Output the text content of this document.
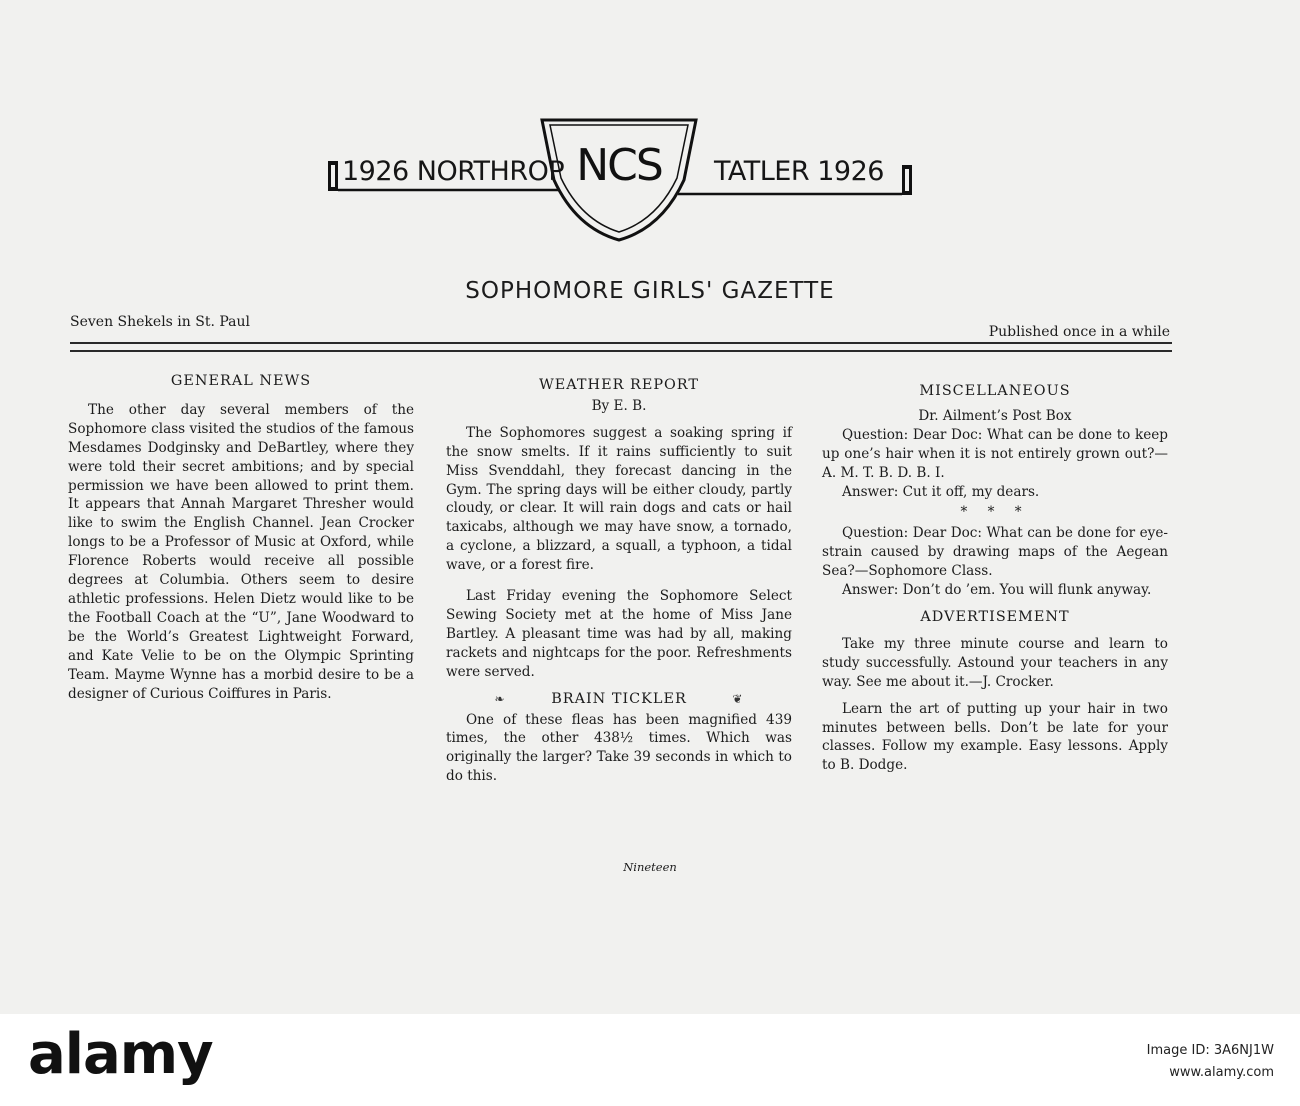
1926 NORTHROP	TATLER 1926
NCS
SOPHOMORE GIRLS' GAZETTE
Seven Shekels in St. Paul
Published once in a while
GENERAL NEWS

The other day several members of the Sophomore class visited the studios of the famous Mesdames Dodginsky and DeBartley, where they were told their secret ambitions; and by special permission we have been allowed to print them. It appears that Annah Margaret Thresher would like to swim the English Channel. Jean Crocker longs to be a Professor of Music at Oxford, while Florence Roberts would receive all possible degrees at Columbia. Others seem to desire athletic professions. Helen Dietz would like to be the Football Coach at the “U”, Jane Woodward to be the World’s Greatest Lightweight Forward, and Kate Velie to be on the Olympic Sprinting Team. Mayme Wynne has a morbid desire to be a designer of Curious Coiffures in Paris.

WEATHER REPORT
By E. B.

The Sophomores suggest a soaking spring if the snow smelts. If it rains sufficiently to suit Miss Svenddahl, they forecast dancing in the Gym. The spring days will be either cloudy, partly cloudy, or clear. It will rain dogs and cats or hail taxicabs, although we may have snow, a tornado, a cyclone, a blizzard, a squall, a typhoon, a tidal wave, or a forest fire.

Last Friday evening the Sophomore Select Sewing Society met at the home of Miss Jane Bartley. A pleasant time was had by all, making rackets and nightcaps for the poor. Refreshments were served.

❧	BRAIN TICKLER	❦

One of these fleas has been magnified 439 times, the other 438½ times. Which was originally the larger? Take 39 seconds in which to do this.

MISCELLANEOUS
Dr. Ailment’s Post Box

Question: Dear Doc: What can be done to keep up one’s hair when it is not entirely grown out?—A. M. T. B. D. B. I.

Answer: Cut it off, my dears.

* * *

Question: Dear Doc: What can be done for eye-strain caused by drawing maps of the Aegean Sea?—Sophomore Class.

Answer: Don’t do ’em. You will flunk anyway.

ADVERTISEMENT

Take my three minute course and learn to study successfully. Astound your teachers in any way. See me about it.—J. Crocker.

Learn the art of putting up your hair in two minutes between bells. Don’t be late for your classes. Follow my example. Easy lessons. Apply to B. Dodge.

Nineteen
alamy	Image ID: 3A6NJ1W
www.alamy.com
